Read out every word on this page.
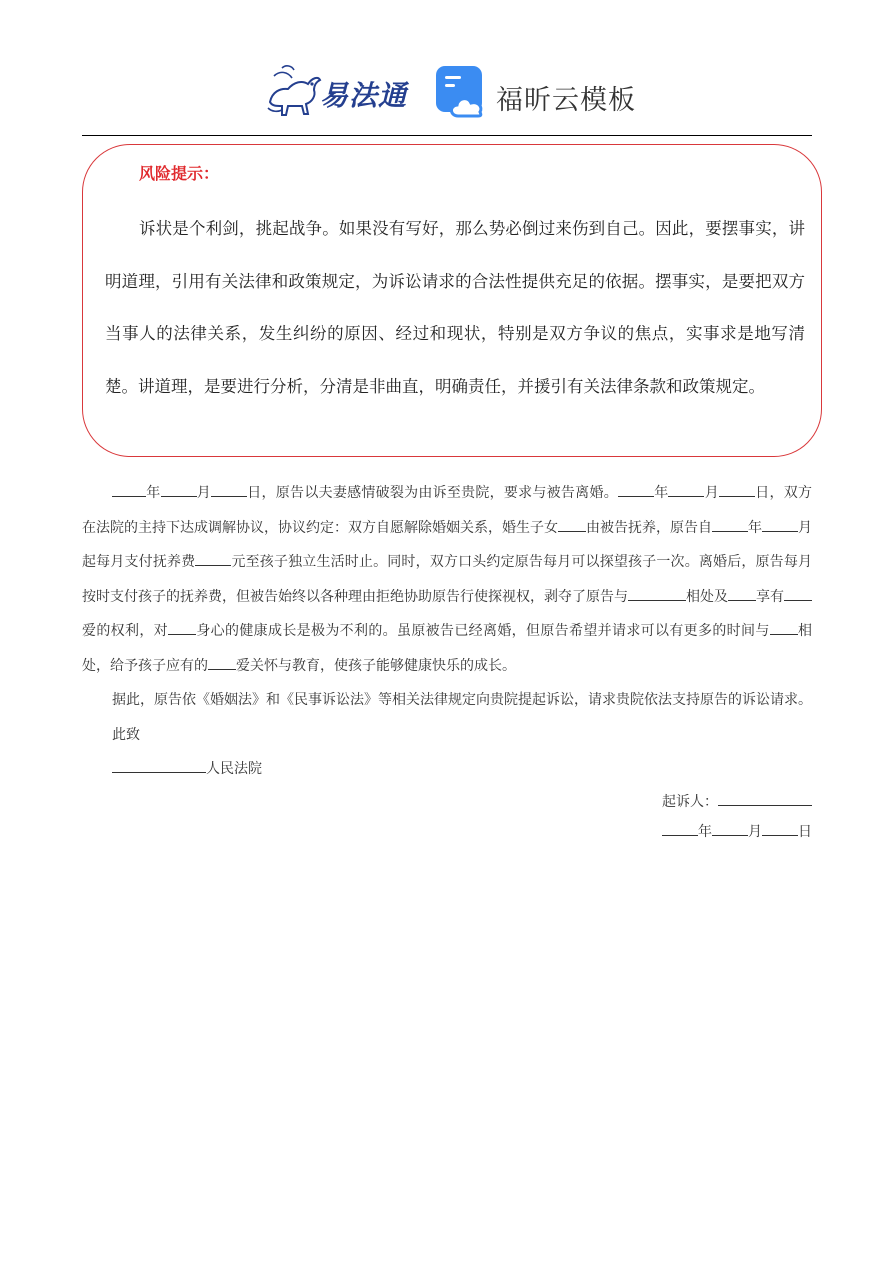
易法通	福昕云模板
风险提示：

诉状是个利剑，挑起战争。如果没有写好，那么势必倒过来伤到自己。因此，要摆事实，讲明道理，引用有关法律和政策规定，为诉讼请求的合法性提供充足的依据。摆事实，是要把双方当事人的法律关系，发生纠纷的原因、经过和现状，特别是双方争议的焦点，实事求是地写清楚。讲道理，是要进行分析，分清是非曲直，明确责任，并援引有关法律条款和政策规定。

年	月	日，原告以夫妻感情破裂为由诉至贵院，要求与被告离婚。	年	月	日，双方在法院的主持下达成调解协议，协议约定：双方自愿解除婚姻关系，婚生子女 由被告抚养，原告自	年	月起每月支付抚养费	元至孩子独立生活时止。同时，双方口头约定原告每月可以探望孩子一次。离婚后，原告每月按时支付孩子的抚养费，但被告始终以各种理由拒绝协助原告行使探视权，剥夺了原告与	相处及 享有爱的权利，对 身心的健康成长是极为不利的。虽原被告已经离婚，但原告希望并请求可以有更多的时间与 相处，给予孩子应有的 爱关怀与教育，使孩子能够健康快乐的成长。

据此，原告依《婚姻法》和《民事诉讼法》等相关法律规定向贵院提起诉讼，请求贵院依法支持原告的诉讼请求。

此致

人民法院

起诉人：

年	月	日
